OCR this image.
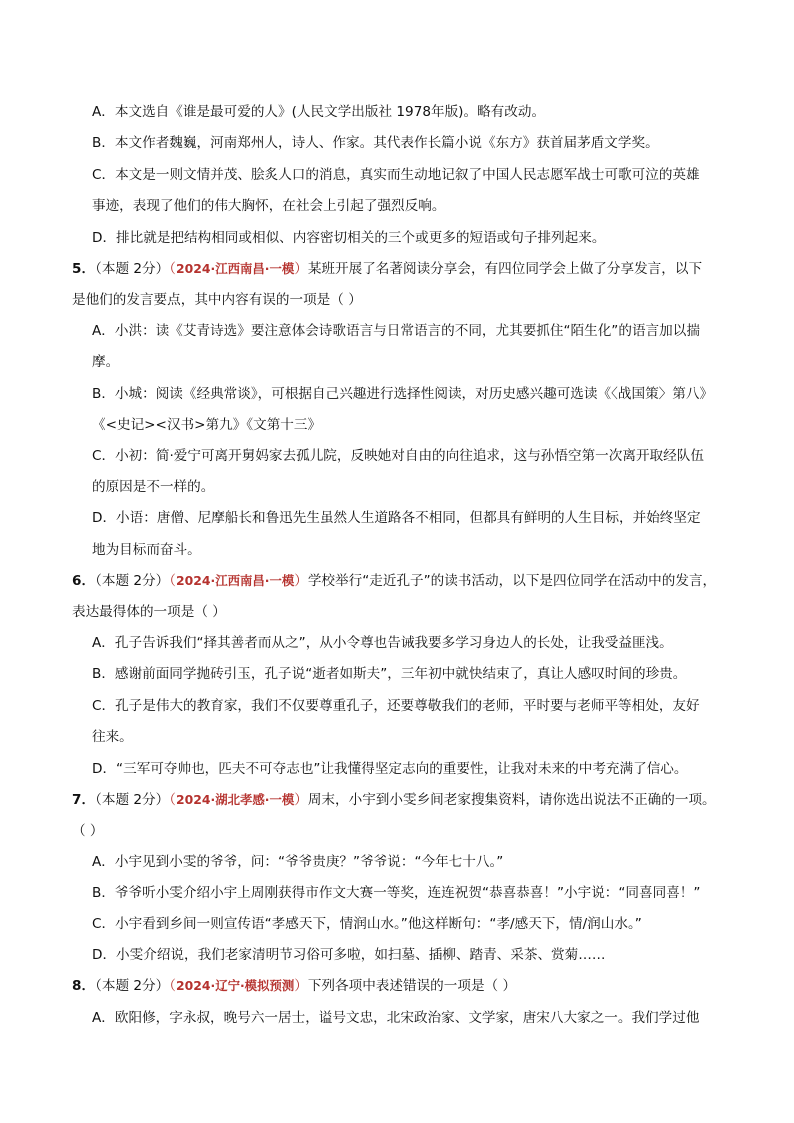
A．本文选自《谁是最可爱的人》(人民文学出版社 1978年版)。略有改动。
B．本文作者魏巍，河南郑州人，诗人、作家。其代表作长篇小说《东方》获首届茅盾文学奖。
C．本文是一则文情并茂、脍炙人口的消息，真实而生动地记叙了中国人民志愿军战士可歌可泣的英雄
事迹，表现了他们的伟大胸怀，在社会上引起了强烈反响。
D．排比就是把结构相同或相似、内容密切相关的三个或更多的短语或句子排列起来。
5．（本题 2分）（2024·江西南昌·一模）某班开展了名著阅读分享会，有四位同学会上做了分享发言，以下
是他们的发言要点，其中内容有误的一项是（ ）
A．小洪：读《艾青诗选》要注意体会诗歌语言与日常语言的不同，尤其要抓住“陌生化”的语言加以揣
摩。
B．小城：阅读《经典常谈》，可根据自己兴趣进行选择性阅读，对历史感兴趣可选读《〈战国策〉第八》
《<史记><汉书>第九》《文第十三》
C．小初：简·爱宁可离开舅妈家去孤儿院，反映她对自由的向往追求，这与孙悟空第一次离开取经队伍
的原因是不一样的。
D．小语：唐僧、尼摩船长和鲁迅先生虽然人生道路各不相同，但都具有鲜明的人生目标，并始终坚定
地为目标而奋斗。
6．（本题 2分）（2024·江西南昌·一模）学校举行“走近孔子”的读书活动，以下是四位同学在活动中的发言，
表达最得体的一项是（ ）
A．孔子告诉我们“择其善者而从之”，从小令尊也告诫我要多学习身边人的长处，让我受益匪浅。
B．感谢前面同学抛砖引玉，孔子说“逝者如斯夫”，三年初中就快结束了，真让人感叹时间的珍贵。
C．孔子是伟大的教育家，我们不仅要尊重孔子，还要尊敬我们的老师，平时要与老师平等相处，友好
往来。
D．“三军可夺帅也，匹夫不可夺志也”让我懂得坚定志向的重要性，让我对未来的中考充满了信心。
7．（本题 2分）（2024·湖北孝感·一模）周末，小宇到小雯乡间老家搜集资料，请你选出说法不正确的一项。
（ ）
A．小宇见到小雯的爷爷，问：“爷爷贵庚？”爷爷说：“今年七十八。”
B．爷爷听小雯介绍小宇上周刚获得市作文大赛一等奖，连连祝贺“恭喜恭喜！”小宇说：“同喜同喜！”
C．小宇看到乡间一则宣传语“孝感天下，情润山水。”他这样断句：“孝/感天下，情/润山水。”
D．小雯介绍说，我们老家清明节习俗可多啦，如扫墓、插柳、踏青、采茶、赏菊……
8．（本题 2分）（2024·辽宁·模拟预测）下列各项中表述错误的一项是（ ）
A．欧阳修，字永叔，晚号六一居士，谥号文忠，北宋政治家、文学家，唐宋八大家之一。我们学过他
